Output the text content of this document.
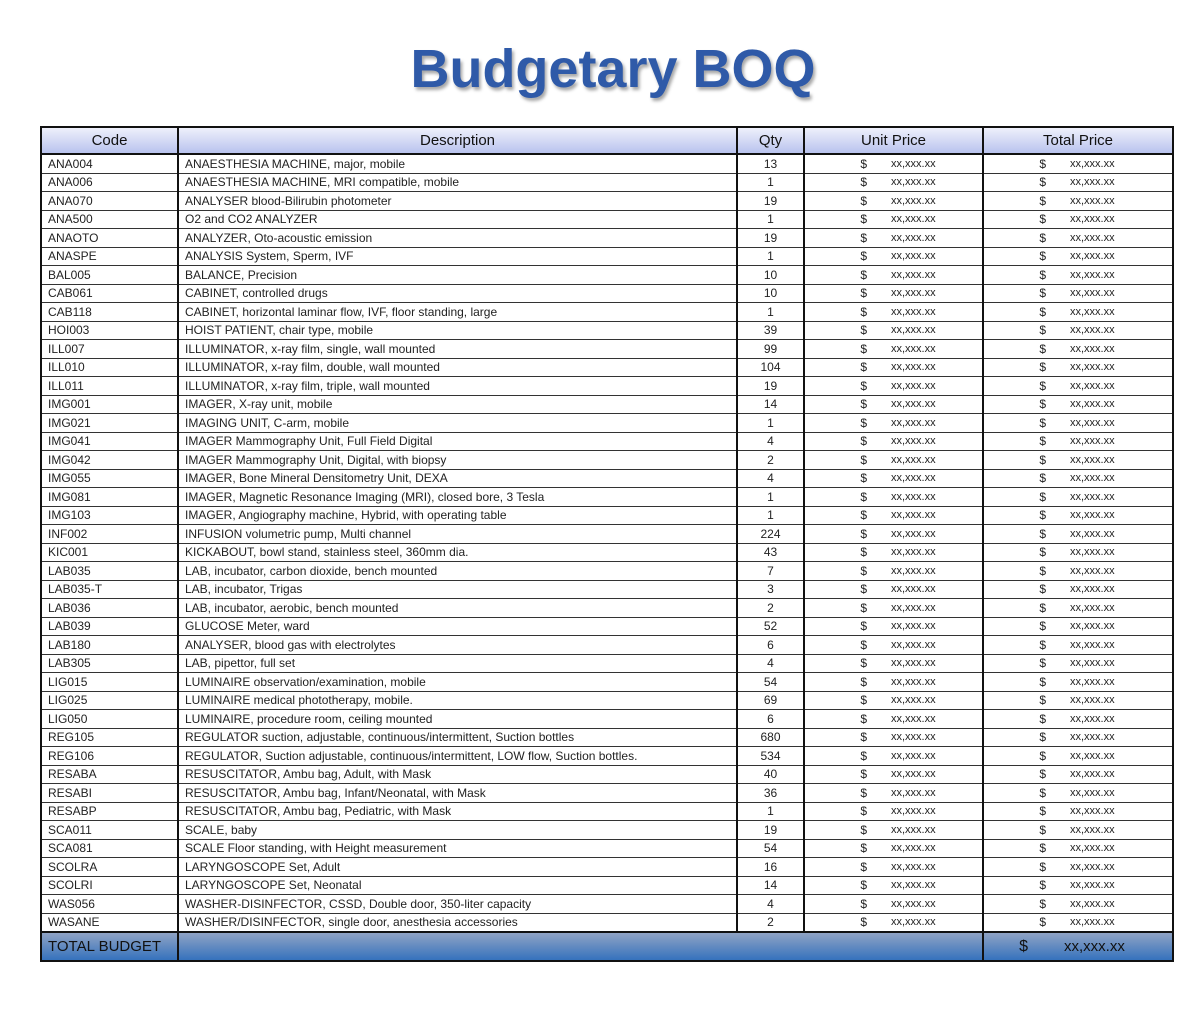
Budgetary BOQ
Code	Description	Qty	Unit Price	Total Price
ANA004	ANAESTHESIA MACHINE, major, mobile	13	$ xx,xxx.xx	$ xx,xxx.xx

ANA006	ANAESTHESIA MACHINE, MRI compatible, mobile	1	$ xx,xxx.xx	$ xx,xxx.xx

ANA070	ANALYSER blood-Bilirubin photometer	19	$ xx,xxx.xx	$ xx,xxx.xx

ANA500	O2 and CO2 ANALYZER	1	$ xx,xxx.xx	$ xx,xxx.xx

ANAOTO	ANALYZER, Oto-acoustic emission	19	$ xx,xxx.xx	$ xx,xxx.xx

ANASPE	ANALYSIS System, Sperm, IVF	1	$ xx,xxx.xx	$ xx,xxx.xx

BAL005	BALANCE, Precision	10	$ xx,xxx.xx	$ xx,xxx.xx

CAB061	CABINET, controlled drugs	10	$ xx,xxx.xx	$ xx,xxx.xx

CAB118	CABINET, horizontal laminar flow, IVF, floor standing, large	1	$ xx,xxx.xx	$ xx,xxx.xx

HOI003	HOIST PATIENT, chair type, mobile	39	$ xx,xxx.xx	$ xx,xxx.xx

ILL007	ILLUMINATOR, x-ray film, single, wall mounted	99	$ xx,xxx.xx	$ xx,xxx.xx

ILL010	ILLUMINATOR, x-ray film, double, wall mounted	104	$ xx,xxx.xx	$ xx,xxx.xx

ILL011	ILLUMINATOR, x-ray film, triple, wall mounted	19	$ xx,xxx.xx	$ xx,xxx.xx

IMG001	IMAGER, X-ray unit, mobile	14	$ xx,xxx.xx	$ xx,xxx.xx

IMG021	IMAGING UNIT, C-arm, mobile	1	$ xx,xxx.xx	$ xx,xxx.xx

IMG041	IMAGER Mammography Unit, Full Field Digital	4	$ xx,xxx.xx	$ xx,xxx.xx

IMG042	IMAGER Mammography Unit, Digital, with biopsy	2	$ xx,xxx.xx	$ xx,xxx.xx

IMG055	IMAGER, Bone Mineral Densitometry Unit, DEXA	4	$ xx,xxx.xx	$ xx,xxx.xx

IMG081	IMAGER, Magnetic Resonance Imaging (MRI), closed bore, 3 Tesla	1	$ xx,xxx.xx	$ xx,xxx.xx

IMG103	IMAGER, Angiography machine, Hybrid, with operating table	1	$ xx,xxx.xx	$ xx,xxx.xx

INF002	INFUSION volumetric pump, Multi channel	224	$ xx,xxx.xx	$ xx,xxx.xx

KIC001	KICKABOUT, bowl stand, stainless steel, 360mm dia.	43	$ xx,xxx.xx	$ xx,xxx.xx

LAB035	LAB, incubator, carbon dioxide, bench mounted	7	$ xx,xxx.xx	$ xx,xxx.xx

LAB035-T	LAB, incubator, Trigas	3	$ xx,xxx.xx	$ xx,xxx.xx

LAB036	LAB, incubator, aerobic, bench mounted	2	$ xx,xxx.xx	$ xx,xxx.xx

LAB039	GLUCOSE Meter, ward	52	$ xx,xxx.xx	$ xx,xxx.xx

LAB180	ANALYSER, blood gas with electrolytes	6	$ xx,xxx.xx	$ xx,xxx.xx

LAB305	LAB, pipettor, full set	4	$ xx,xxx.xx	$ xx,xxx.xx

LIG015	LUMINAIRE observation/examination, mobile	54	$ xx,xxx.xx	$ xx,xxx.xx

LIG025	LUMINAIRE medical phototherapy, mobile.	69	$ xx,xxx.xx	$ xx,xxx.xx

LIG050	LUMINAIRE, procedure room, ceiling mounted	6	$ xx,xxx.xx	$ xx,xxx.xx

REG105	REGULATOR suction, adjustable, continuous/intermittent, Suction bottles	680	$ xx,xxx.xx	$ xx,xxx.xx

REG106	REGULATOR, Suction adjustable, continuous/intermittent, LOW flow, Suction bottles.	534	$ xx,xxx.xx	$ xx,xxx.xx

RESABA	RESUSCITATOR, Ambu bag, Adult, with Mask	40	$ xx,xxx.xx	$ xx,xxx.xx

RESABI	RESUSCITATOR, Ambu bag, Infant/Neonatal, with Mask	36	$ xx,xxx.xx	$ xx,xxx.xx

RESABP	RESUSCITATOR, Ambu bag, Pediatric, with Mask	1	$ xx,xxx.xx	$ xx,xxx.xx

SCA011	SCALE, baby	19	$ xx,xxx.xx	$ xx,xxx.xx

SCA081	SCALE Floor standing, with Height measurement	54	$ xx,xxx.xx	$ xx,xxx.xx

SCOLRA	LARYNGOSCOPE Set, Adult	16	$ xx,xxx.xx	$ xx,xxx.xx

SCOLRI	LARYNGOSCOPE Set, Neonatal	14	$ xx,xxx.xx	$ xx,xxx.xx

WAS056	WASHER-DISINFECTOR, CSSD, Double door, 350-liter capacity	4	$ xx,xxx.xx	$ xx,xxx.xx

WASANE	WASHER/DISINFECTOR, single door, anesthesia accessories	2	$ xx,xxx.xx	$ xx,xxx.xx

TOTAL BUDGET				$ xx,xxx.xx
